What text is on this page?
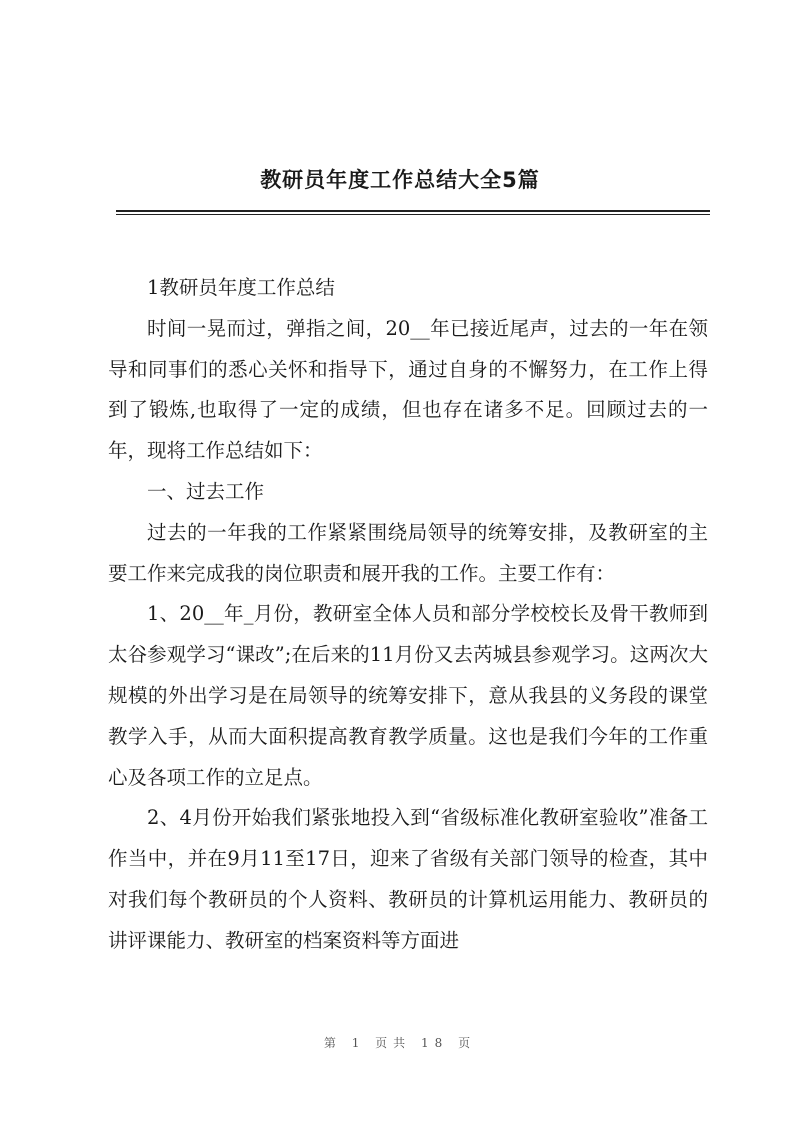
教研员年度工作总结大全5篇

1教研员年度工作总结

时间一晃而过，弹指之间，20__年已接近尾声，过去的一年在领导和同事们的悉心关怀和指导下，通过自身的不懈努力，在工作上得到了锻炼,也取得了一定的成绩，但也存在诸多不足。回顾过去的一年，现将工作总结如下：

一、过去工作

过去的一年我的工作紧紧围绕局领导的统筹安排，及教研室的主要工作来完成我的岗位职责和展开我的工作。主要工作有：

1、20__年_月份，教研室全体人员和部分学校校长及骨干教师到太谷参观学习“课改”;在后来的11月份又去芮城县参观学习。这两次大规模的外出学习是在局领导的统筹安排下，意从我县的义务段的课堂教学入手，从而大面积提高教育教学质量。这也是我们今年的工作重心及各项工作的立足点。

2、4月份开始我们紧张地投入到“省级标准化教研室验收”准备工作当中，并在9月11至17日，迎来了省级有关部门领导的检查，其中对我们每个教研员的个人资料、教研员的计算机运用能力、教研员的讲评课能力、教研室的档案资料等方面进

第 1 页共 18 页
